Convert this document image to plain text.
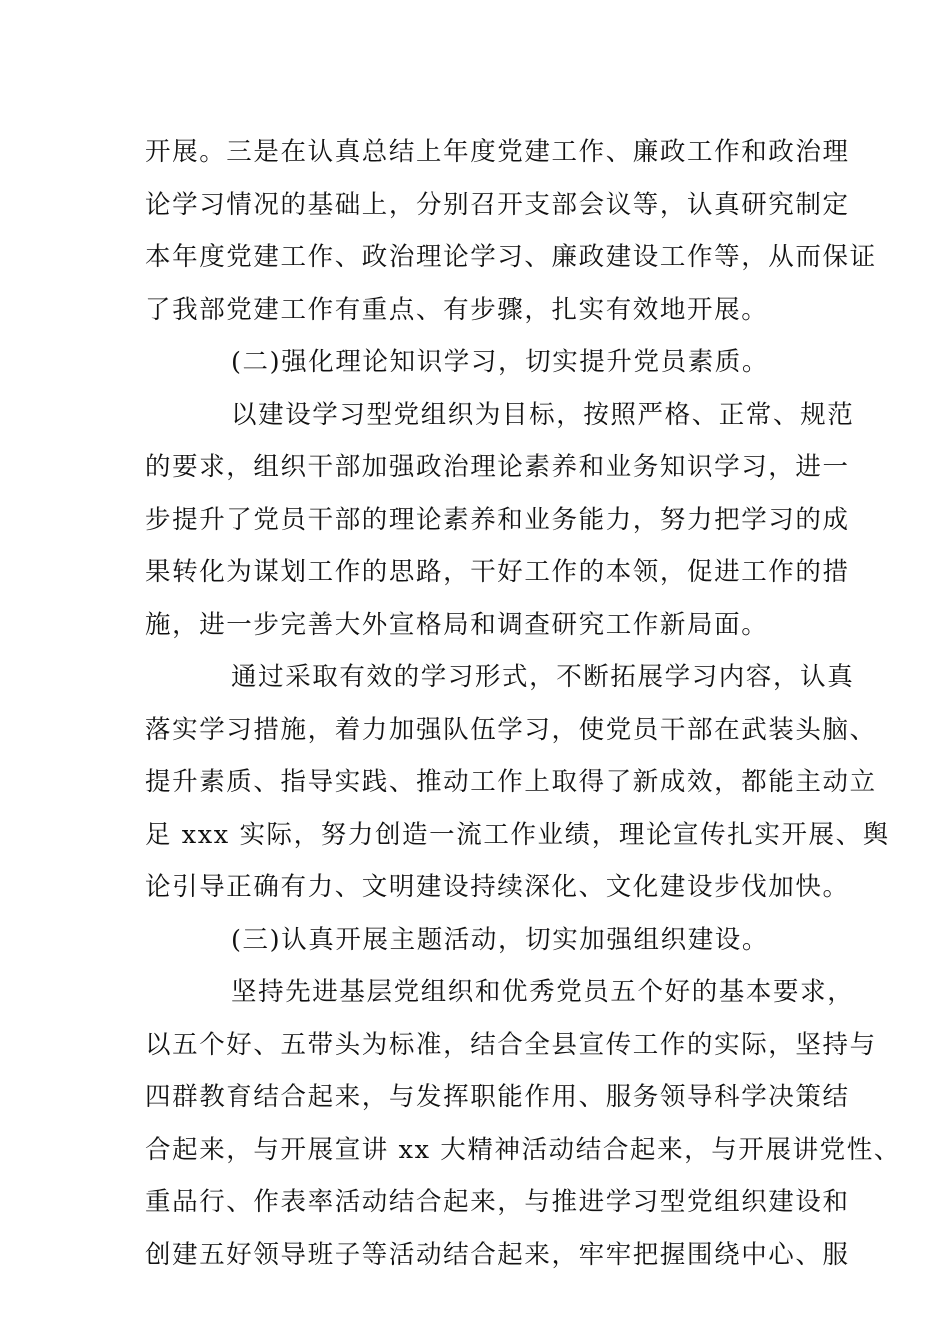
开展。三是在认真总结上年度党建工作、廉政工作和政治理
论学习情况的基础上，分别召开支部会议等，认真研究制定
本年度党建工作、政治理论学习、廉政建设工作等，从而保证
了我部党建工作有重点、有步骤，扎实有效地开展。
(二)强化理论知识学习，切实提升党员素质。
以建设学习型党组织为目标，按照严格、正常、规范
的要求，组织干部加强政治理论素养和业务知识学习，进一
步提升了党员干部的理论素养和业务能力，努力把学习的成
果转化为谋划工作的思路，干好工作的本领，促进工作的措
施，进一步完善大外宣格局和调查研究工作新局面。
通过采取有效的学习形式，不断拓展学习内容，认真
落实学习措施，着力加强队伍学习，使党员干部在武装头脑、
提升素质、指导实践、推动工作上取得了新成效，都能主动立
足 xxx 实际，努力创造一流工作业绩，理论宣传扎实开展、舆
论引导正确有力、文明建设持续深化、文化建设步伐加快。
(三)认真开展主题活动，切实加强组织建设。
坚持先进基层党组织和优秀党员五个好的基本要求，
以五个好、五带头为标准，结合全县宣传工作的实际，坚持与
四群教育结合起来，与发挥职能作用、服务领导科学决策结
合起来，与开展宣讲 xx 大精神活动结合起来，与开展讲党性、
重品行、作表率活动结合起来，与推进学习型党组织建设和
创建五好领导班子等活动结合起来，牢牢把握围绕中心、服
